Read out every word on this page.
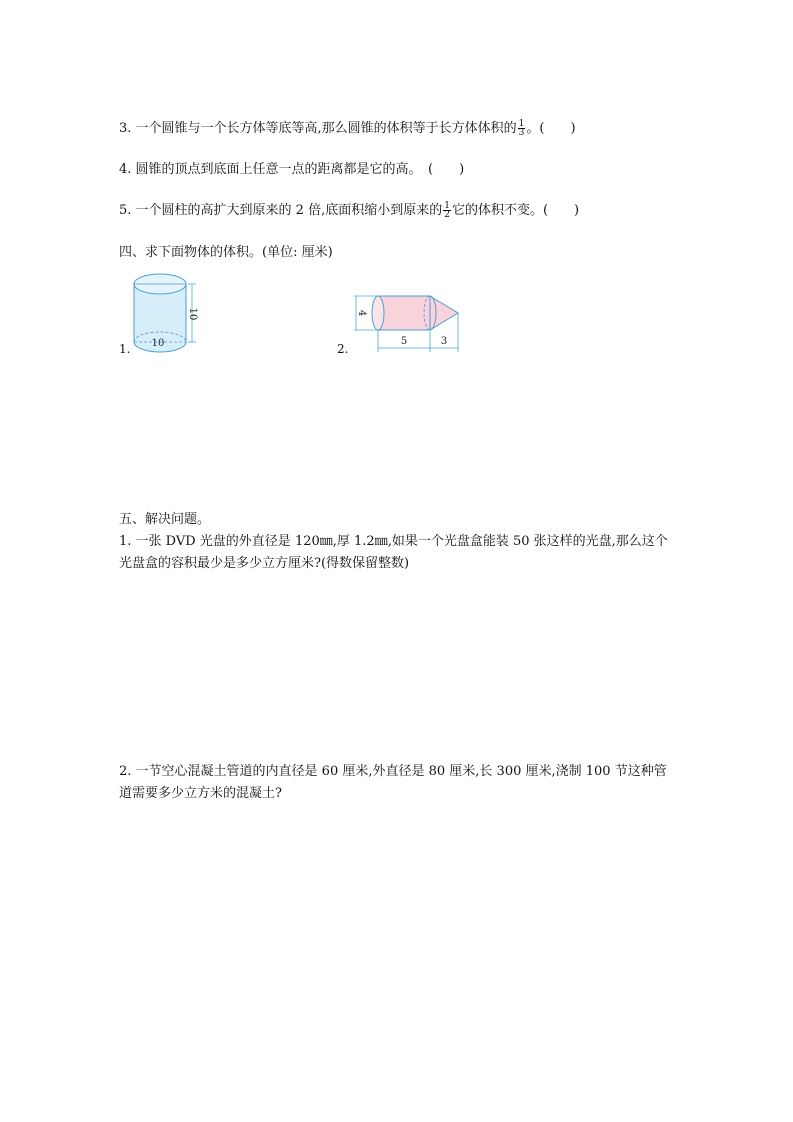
3. 一个圆锥与一个长方体等底等高,那么圆锥的体积等于长方体体积的 $\frac{1}{3}$ 。(　　)
4. 圆锥的顶点到底面上任意一点的距离都是它的高。　(　　)
5. 一个圆柱的高扩大到原来的 2 倍,底面积缩小到原来的 $\frac{1}{2}$ 它的体积不变。(　　)
四、求下面物体的体积。(单位: 厘米)
1.
10
10	2.
4
5	3
五、解决问题。
1. 一张 DVD 光盘的外直径是 120㎜,厚 1.2㎜,如果一个光盘盒能装 50 张这样的光盘,那么这个
光盘盒的容积最少是多少立方厘米?(得数保留整数)
2. 一节空心混凝土管道的内直径是 60 厘米,外直径是 80 厘米,长 300 厘米,浇制 100 节这种管
道需要多少立方米的混凝土?
